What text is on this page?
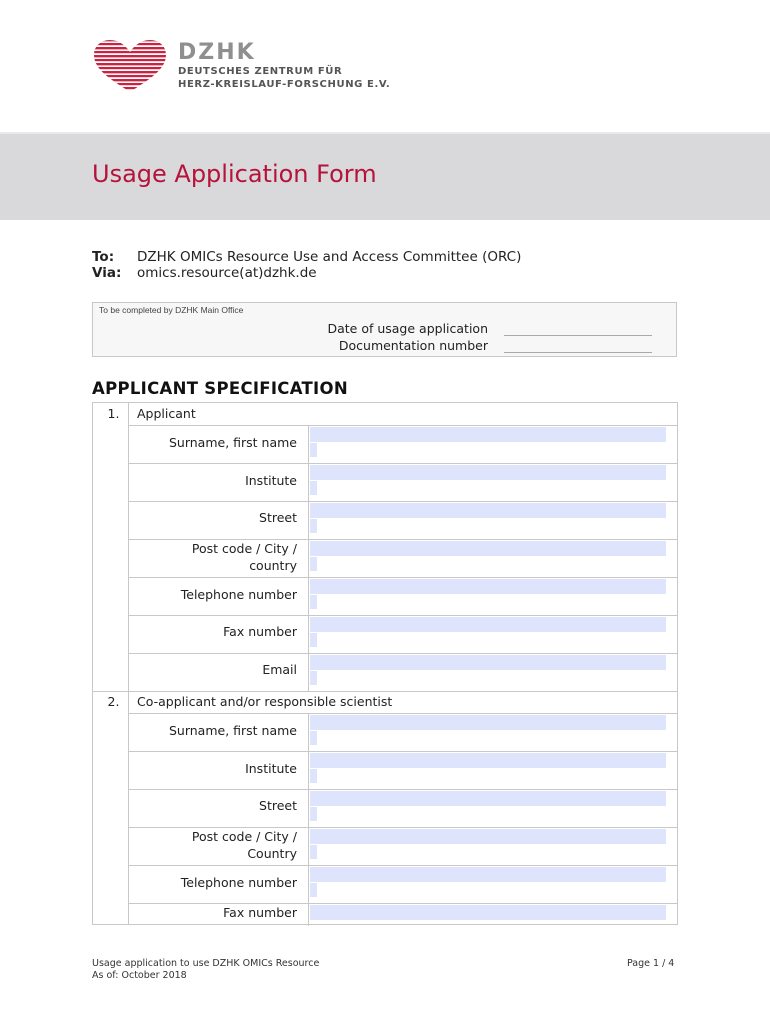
DZHK
DEUTSCHES ZENTRUM FÜR
HERZ-KREISLAUF-FORSCHUNG E.V.
Usage Application Form
To: DZHK OMICs Resource Use and Access Committee (ORC)
Via: omics.resource(at)dzhk.de
To be completed by DZHK Main Office
Date of usage application
Documentation number
APPLICANT SPECIFICATION
1.	Applicant
Surname, first name
Institute
Street
Post code / City /
country
Telephone number
Fax number
Email
2.	Co-applicant and/or responsible scientist
Surname, first name
Institute
Street
Post code / City /
Country
Telephone number
Fax number
Usage application to use DZHK OMICs Resource
As of: October 2018
Page 1 / 4
